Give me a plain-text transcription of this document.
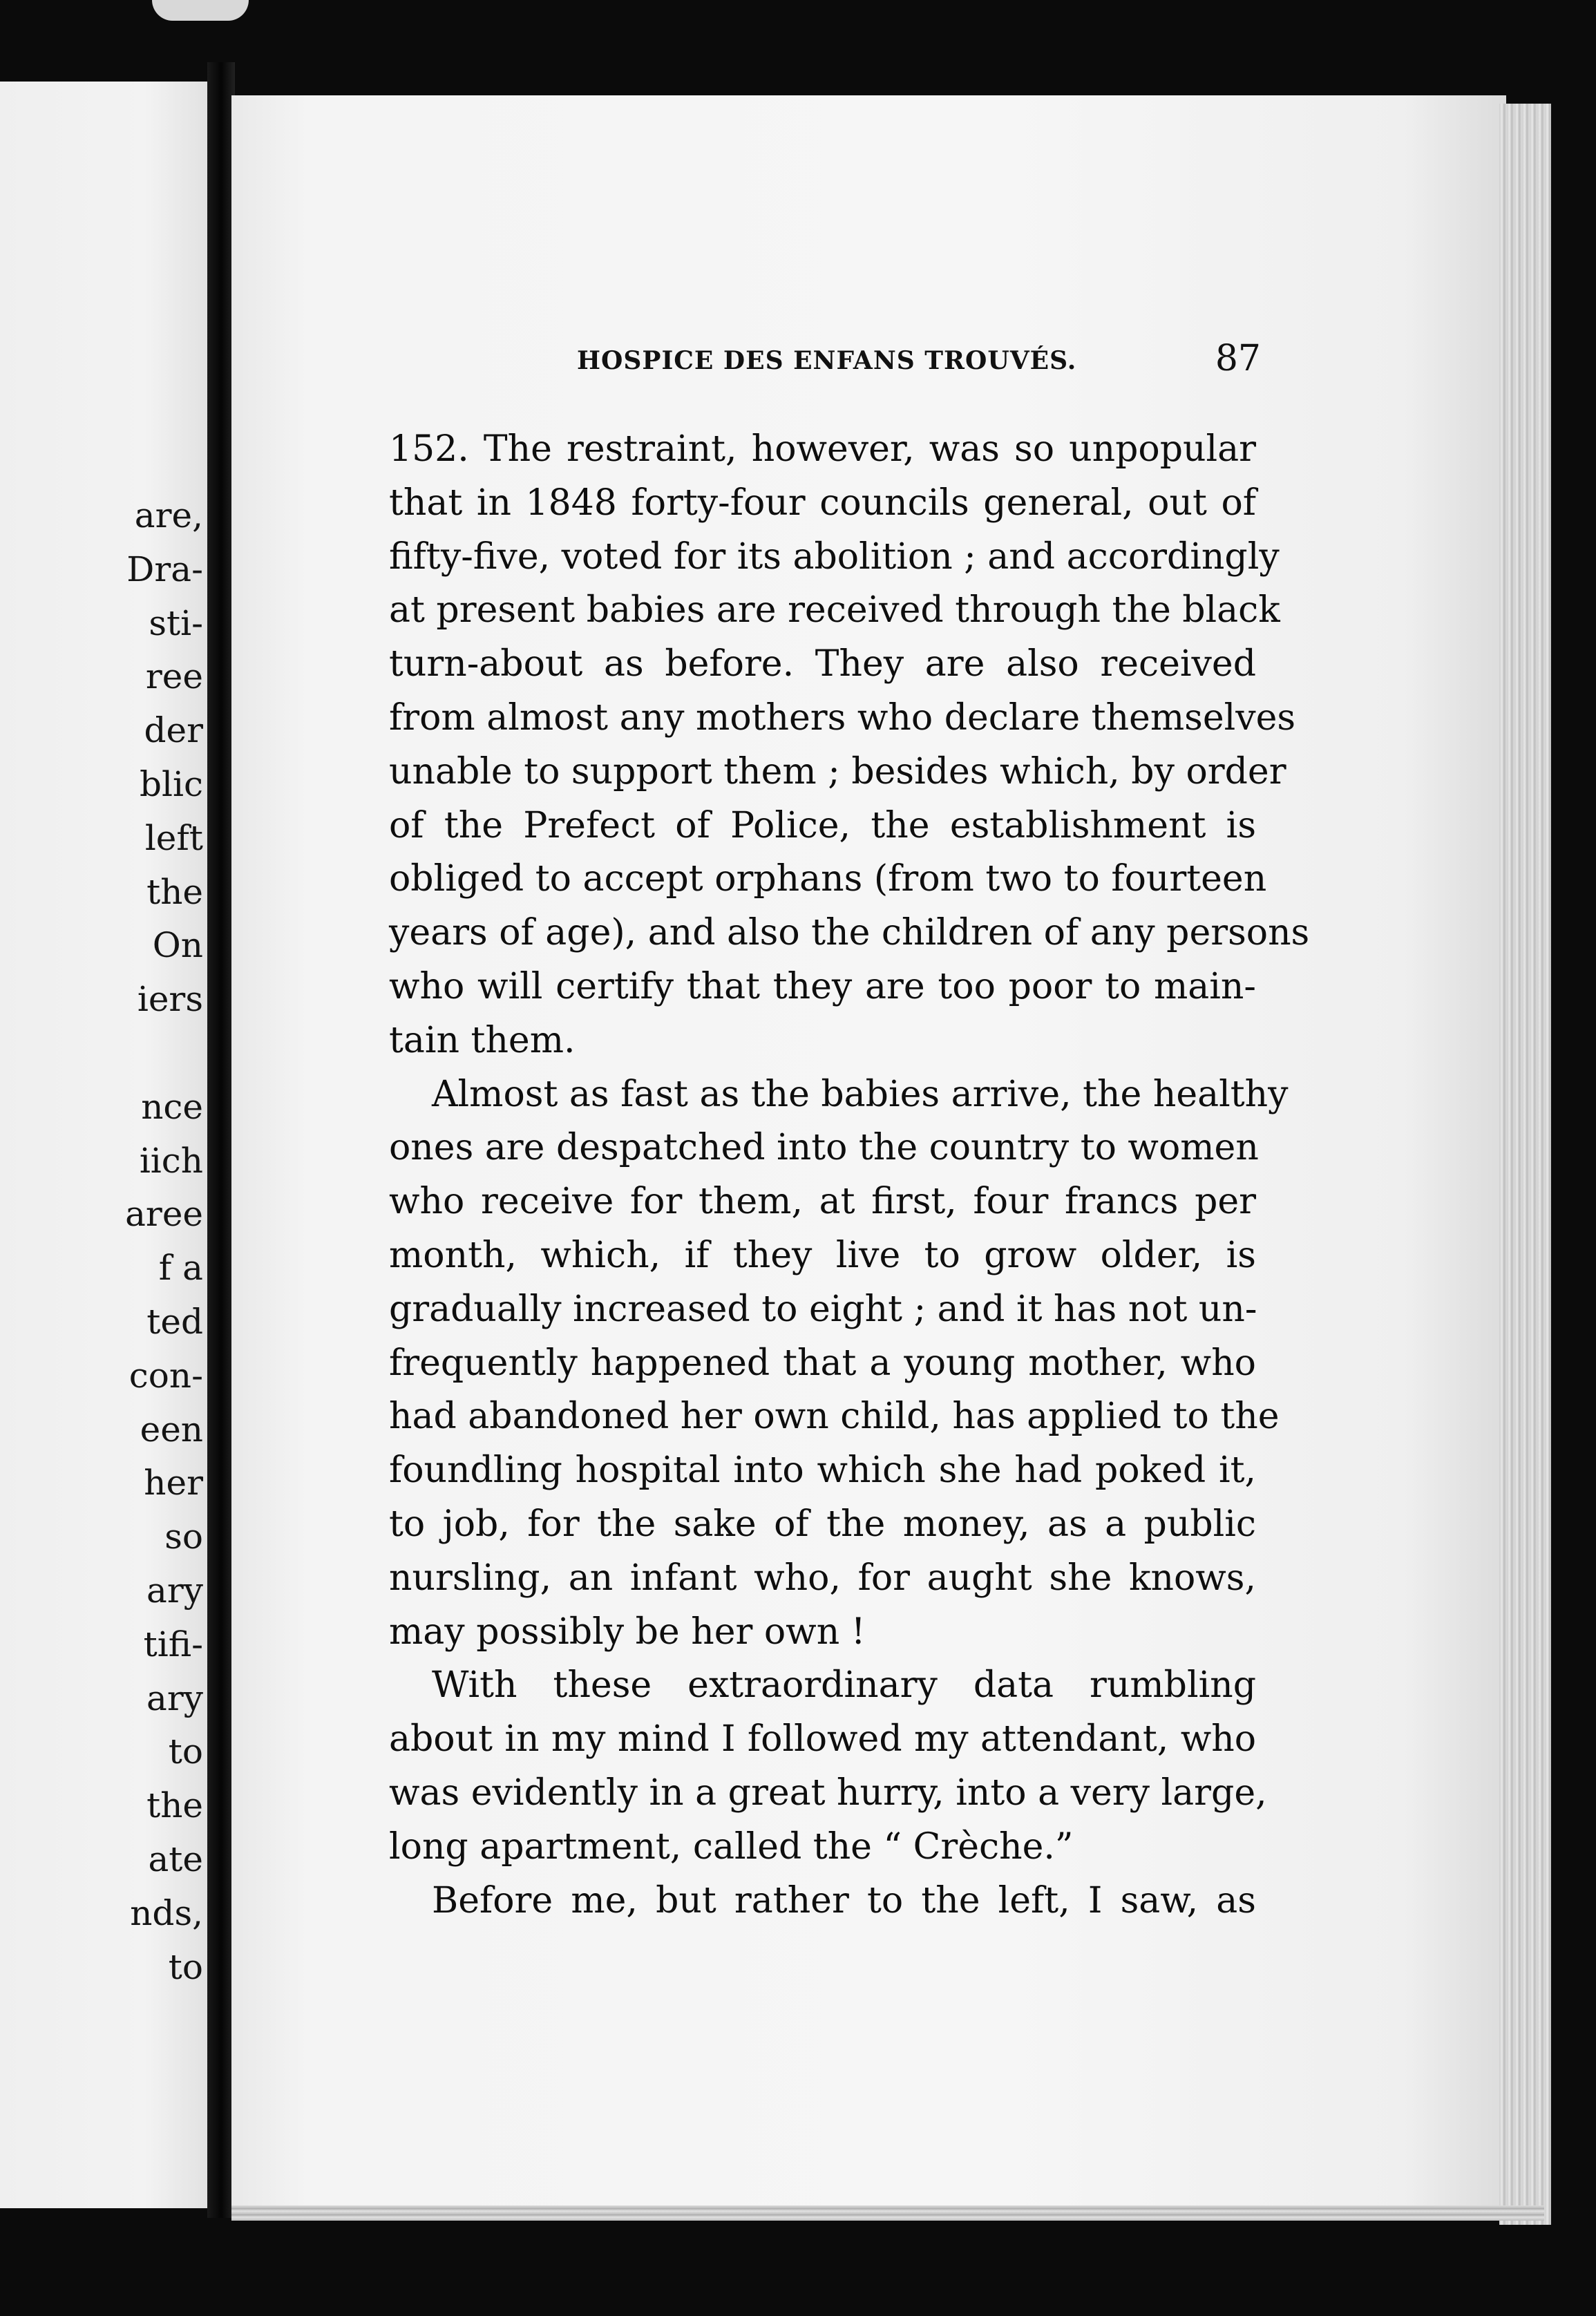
are,
Dra-
sti-
ree
der
blic
left
the
On
iers
nce
iich
aree
f a
ted
con-
een
her
so
ary
tifi-
ary
to
the
ate
nds,
to
HOSPICE DES ENFANS TROUVÉS.	87
152. The restraint, however, was so unpopular
that in 1848 forty-four councils general, out of
fifty-five, voted for its abolition ; and accordingly
at present babies are received through the black
turn-about as before. They are also received
from almost any mothers who declare themselves
unable to support them ; besides which, by order
of the Prefect of Police, the establishment is
obliged to accept orphans (from two to fourteen
years of age), and also the children of any persons
who will certify that they are too poor to main-
tain them.
Almost as fast as the babies arrive, the healthy
ones are despatched into the country to women
who receive for them, at first, four francs per
month, which, if they live to grow older, is
gradually increased to eight ; and it has not un-
frequently happened that a young mother, who
had abandoned her own child, has applied to the
foundling hospital into which she had poked it,
to job, for the sake of the money, as a public
nursling, an infant who, for aught she knows,
may possibly be her own !
With these extraordinary data rumbling
about in my mind I followed my attendant, who
was evidently in a great hurry, into a very large,
long apartment, called the “ Crèche.”
Before me, but rather to the left, I saw, as
